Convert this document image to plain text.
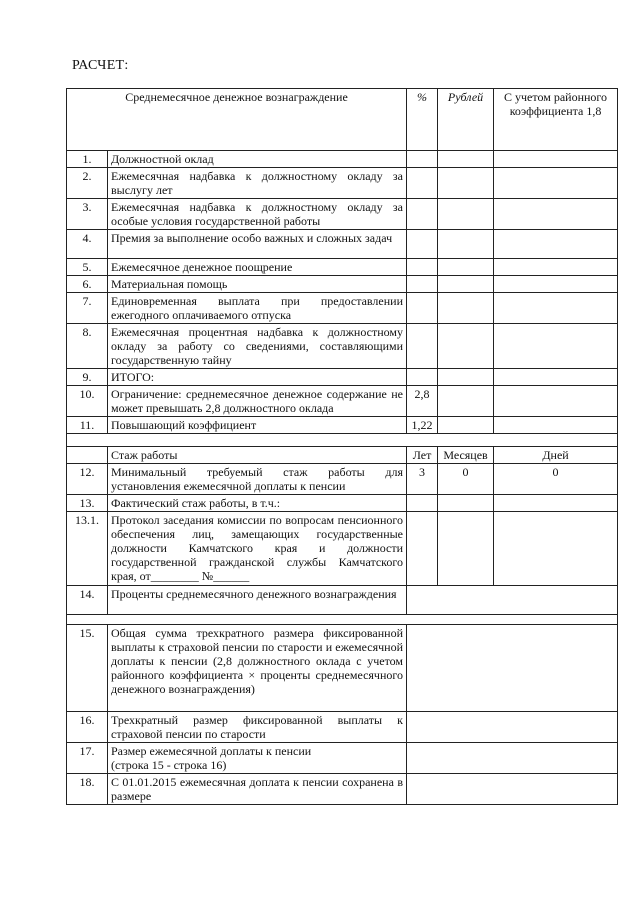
РАСЧЕТ:
Среднемесячное денежное вознаграждение		%	Рублей	С учетом районного коэффициента 1,8
1.	Должностной оклад			
2.	Ежемесячная надбавка к должностному окладу за выслугу лет			
3.	Ежемесячная надбавка к должностному окладу за особые условия государственной работы			
4.	Премия за выполнение особо важных и сложных задач			
5.	Ежемесячное денежное поощрение			
6.	Материальная помощь			
7.	Единовременная выплата при предоставлении ежегодного оплачиваемого отпуска			
8.	Ежемесячная процентная надбавка к должностному окладу за работу со сведениями, составляющими государственную тайну			
9.	ИТОГО:			
10.	Ограничение: среднемесячное денежное содержание не может превышать 2,8 должностного оклада	2,8		
11.	Повышающий коэффициент	1,22		

	Стаж работы	Лет	Месяцев	Дней
12.	Минимальный требуемый стаж работы для установления ежемесячной доплаты к пенсии	3	0	0
13.	Фактический стаж работы, в т.ч.:			
13.1.	Протокол заседания комиссии по вопросам пенсионного обеспечения лиц, замещающих государственные должности Камчатского края и должности государственной гражданской службы Камчатского края, от________ №______			
14.	Проценты среднемесячного денежного вознаграждения			

15.	Общая сумма трехкратного размера фиксированной выплаты к страховой пенсии по старости и ежемесячной доплаты к пенсии (2,8 должностного оклада с учетом районного коэффициента × проценты среднемесячного денежного вознаграждения)			
16.	Трехкратный размер фиксированной выплаты к страховой пенсии по старости			
17.	Размер ежемесячной доплаты к пенсии
(строка 15 - строка 16)			
18.	С 01.01.2015 ежемесячная доплата к пенсии сохранена в размере			
